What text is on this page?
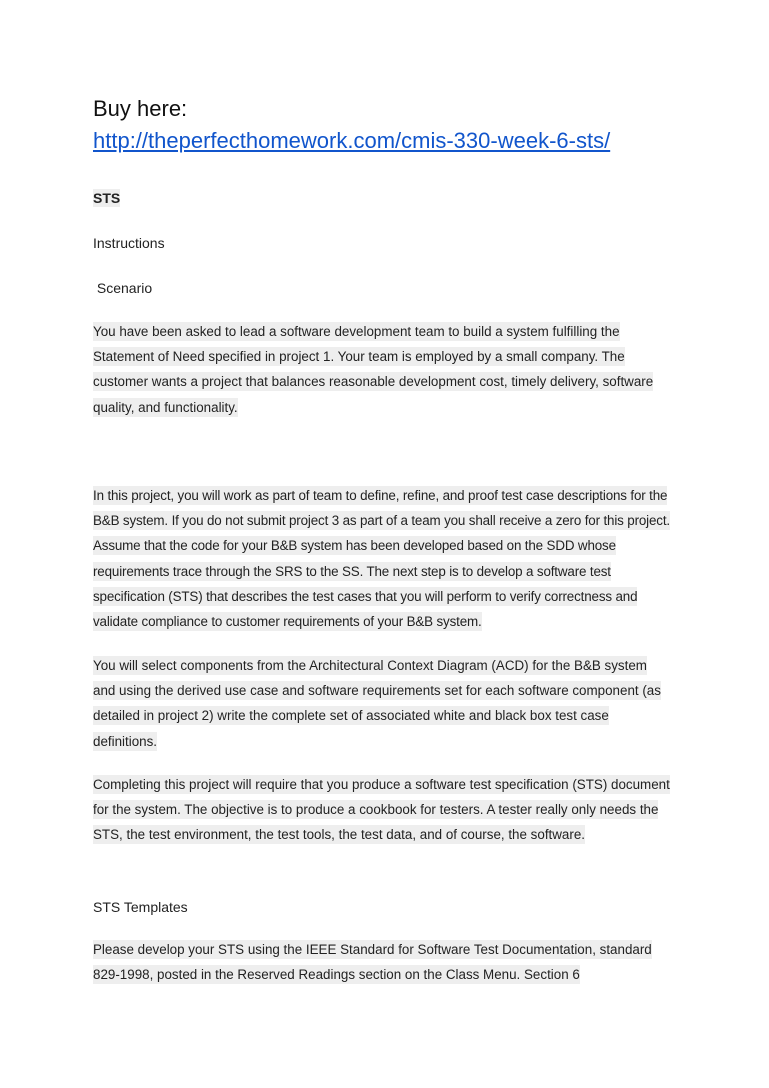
Buy here:
http://theperfecthomework.com/cmis-330-week-6-sts/
STS
Instructions
Scenario
You have been asked to lead a software development team to build a system fulfilling the Statement of Need specified in project 1. Your team is employed by a small company. The customer wants a project that balances reasonable development cost, timely delivery, software quality, and functionality.
In this project, you will work as part of team to define, refine, and proof test case descriptions for the B&B system. If you do not submit project 3 as part of a team you shall receive a zero for this project. Assume that the code for your B&B system has been developed based on the SDD whose requirements trace through the SRS to the SS. The next step is to develop a software test specification (STS) that describes the test cases that you will perform to verify correctness and validate compliance to customer requirements of your B&B system.
You will select components from the Architectural Context Diagram (ACD) for the B&B system and using the derived use case and software requirements set for each software component (as detailed in project 2) write the complete set of associated white and black box test case definitions.
Completing this project will require that you produce a software test specification (STS) document for the system. The objective is to produce a cookbook for testers. A tester really only needs the STS, the test environment, the test tools, the test data, and of course, the software.
STS Templates
Please develop your STS using the IEEE Standard for Software Test Documentation, standard 829-1998, posted in the Reserved Readings section on the Class Menu. Section 6
